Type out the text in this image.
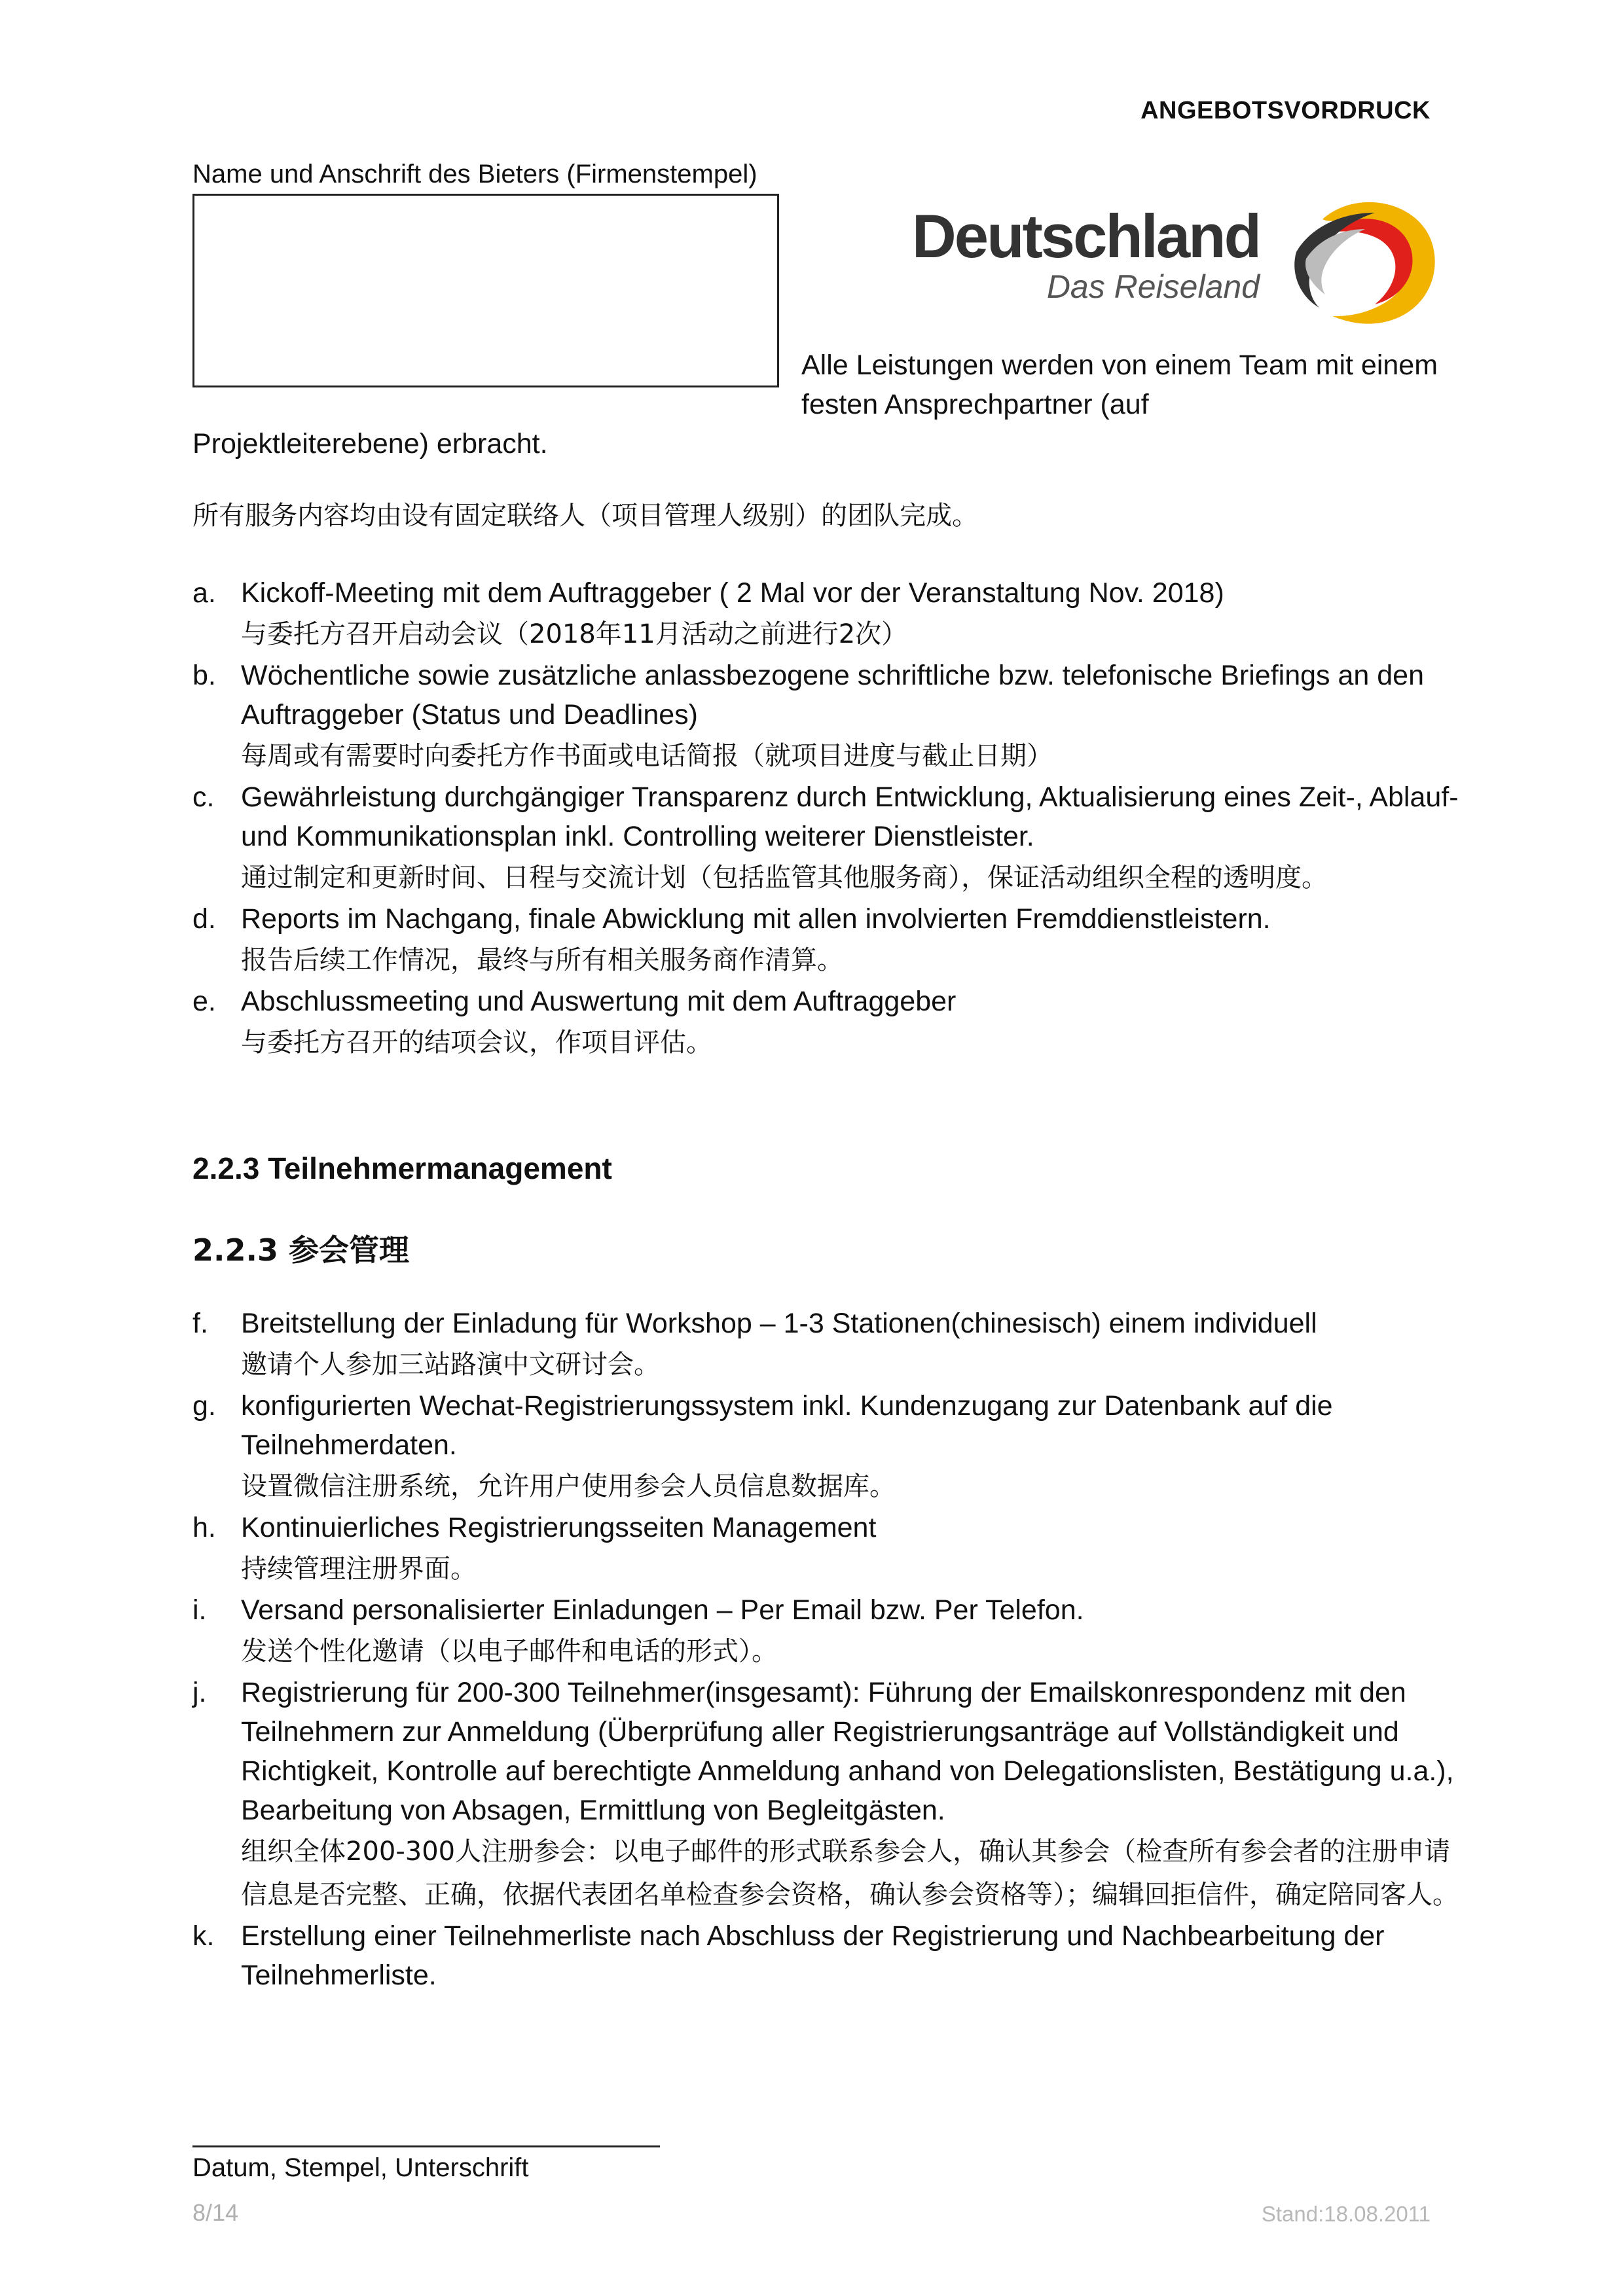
ANGEBOTSVORDRUCK
Name und Anschrift des Bieters (Firmenstempel)
Deutschland
Das Reiseland
Alle Leistungen werden von einem Team mit einem festen Ansprechpartner (auf
Projektleiterebene) erbracht.
所有服务内容均由设有固定联络人（项目管理人级别）的团队完成。
a. Kickoff-Meeting mit dem Auftraggeber ( 2 Mal vor der Veranstaltung Nov. 2018)
与委托方召开启动会议（2018年11月活动之前进行2次）
b. Wöchentliche sowie zusätzliche anlassbezogene schriftliche bzw. telefonische Briefings an den Auftraggeber (Status und Deadlines)
每周或有需要时向委托方作书面或电话简报（就项目进度与截止日期）
c. Gewährleistung durchgängiger Transparenz durch Entwicklung, Aktualisierung eines Zeit-, Ablauf- und Kommunikationsplan inkl. Controlling weiterer Dienstleister.
通过制定和更新时间、日程与交流计划（包括监管其他服务商），保证活动组织全程的透明度。
d. Reports im Nachgang, finale Abwicklung mit allen involvierten Fremddienstleistern.
报告后续工作情况，最终与所有相关服务商作清算。
e. Abschlussmeeting und Auswertung mit dem Auftraggeber
与委托方召开的结项会议，作项目评估。
2.2.3 Teilnehmermanagement
2.2.3 参会管理
f. Breitstellung der Einladung für Workshop – 1-3 Stationen(chinesisch) einem individuell
邀请个人参加三站路演中文研讨会。
g. konfigurierten Wechat-Registrierungssystem inkl. Kundenzugang zur Datenbank auf die Teilnehmerdaten.
设置微信注册系统，允许用户使用参会人员信息数据库。
h. Kontinuierliches Registrierungsseiten Management
持续管理注册界面。
i. Versand personalisierter Einladungen – Per Email bzw. Per Telefon.
发送个性化邀请（以电子邮件和电话的形式）。
j. Registrierung für 200-300 Teilnehmer(insgesamt): Führung der Emailskonrespondenz mit den Teilnehmern zur Anmeldung (Überprüfung aller Registrierungsanträge auf Vollständigkeit und Richtigkeit, Kontrolle auf berechtigte Anmeldung anhand von Delegationslisten, Bestätigung u.a.), Bearbeitung von Absagen, Ermittlung von Begleitgästen.
组织全体200-300人注册参会：以电子邮件的形式联系参会人，确认其参会（检查所有参会者的注册申请信息是否完整、正确，依据代表团名单检查参会资格，确认参会资格等）；编辑回拒信件，确定陪同客人。
k. Erstellung einer Teilnehmerliste nach Abschluss der Registrierung und Nachbearbeitung der Teilnehmerliste.
Datum, Stempel, Unterschrift
8/14	Stand:18.08.2011
